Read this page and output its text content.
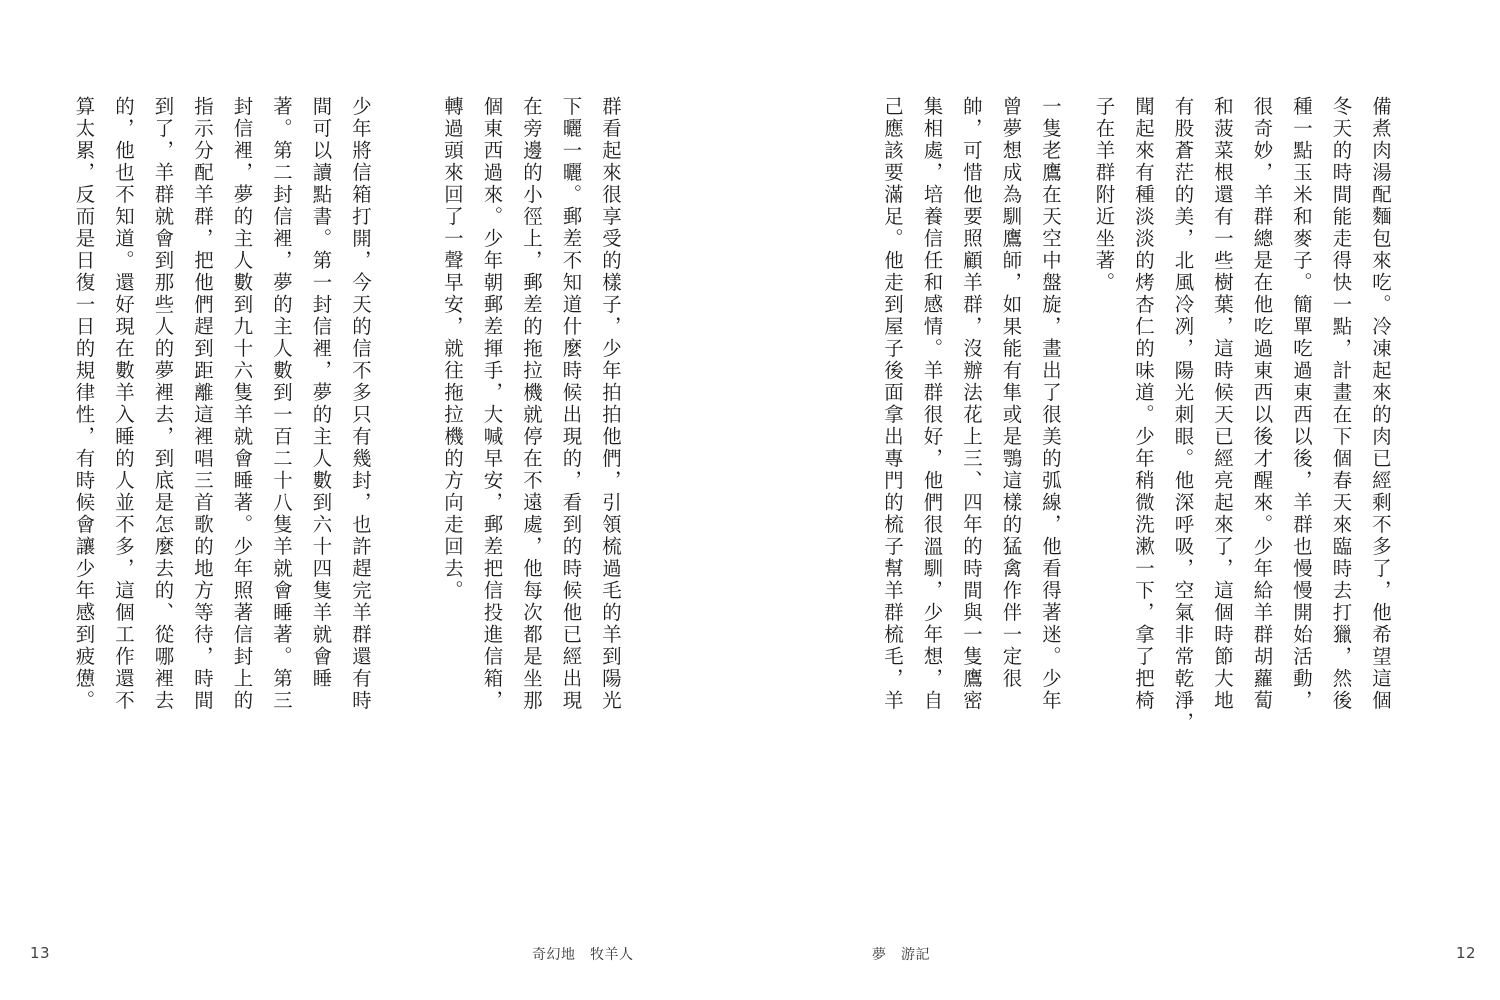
群看起來很享受的樣子，少年拍拍他們，引領梳過毛的羊到陽光
下曬一曬。郵差不知道什麼時候出現的，看到的時候他已經出現
在旁邊的小徑上，郵差的拖拉機就停在不遠處，他每次都是坐那
個東西過來。少年朝郵差揮手，大喊早安，郵差把信投進信箱，
轉過頭來回了一聲早安，就往拖拉機的方向走回去。
少年將信箱打開，今天的信不多只有幾封，也許趕完羊群還有時
間可以讀點書。第一封信裡，夢的主人數到六十四隻羊就會睡
著。第二封信裡，夢的主人數到一百二十八隻羊就會睡著。第三
封信裡，夢的主人數到九十六隻羊就會睡著。少年照著信封上的
指示分配羊群，把他們趕到距離這裡唱三首歌的地方等待，時間
到了，羊群就會到那些人的夢裡去，到底是怎麼去的、從哪裡去
的，他也不知道。還好現在數羊入睡的人並不多，這個工作還不
算太累，反而是日復一日的規律性，有時候會讓少年感到疲憊。
13	奇幻地　牧羊人
備煮肉湯配麵包來吃。冷凍起來的肉已經剩不多了，他希望這個
冬天的時間能走得快一點，計畫在下個春天來臨時去打獵，然後
種一點玉米和麥子。簡單吃過東西以後，羊群也慢慢開始活動，
很奇妙，羊群總是在他吃過東西以後才醒來。少年給羊群胡蘿蔔
和菠菜根還有一些樹葉，這時候天已經亮起來了，這個時節大地
有股蒼茫的美，北風冷冽，陽光刺眼。他深呼吸，空氣非常乾淨，
聞起來有種淡淡的烤杏仁的味道。少年稍微洗漱一下，拿了把椅
子在羊群附近坐著。
一隻老鷹在天空中盤旋，畫出了很美的弧線，他看得著迷。少年
曾夢想成為馴鷹師，如果能有隼或是鶚這樣的猛禽作伴一定很
帥，可惜他要照顧羊群，沒辦法花上三、四年的時間與一隻鷹密
集相處，培養信任和感情。羊群很好，他們很溫馴，少年想，自
己應該要滿足。他走到屋子後面拿出專門的梳子幫羊群梳毛，羊
夢　游記	12
